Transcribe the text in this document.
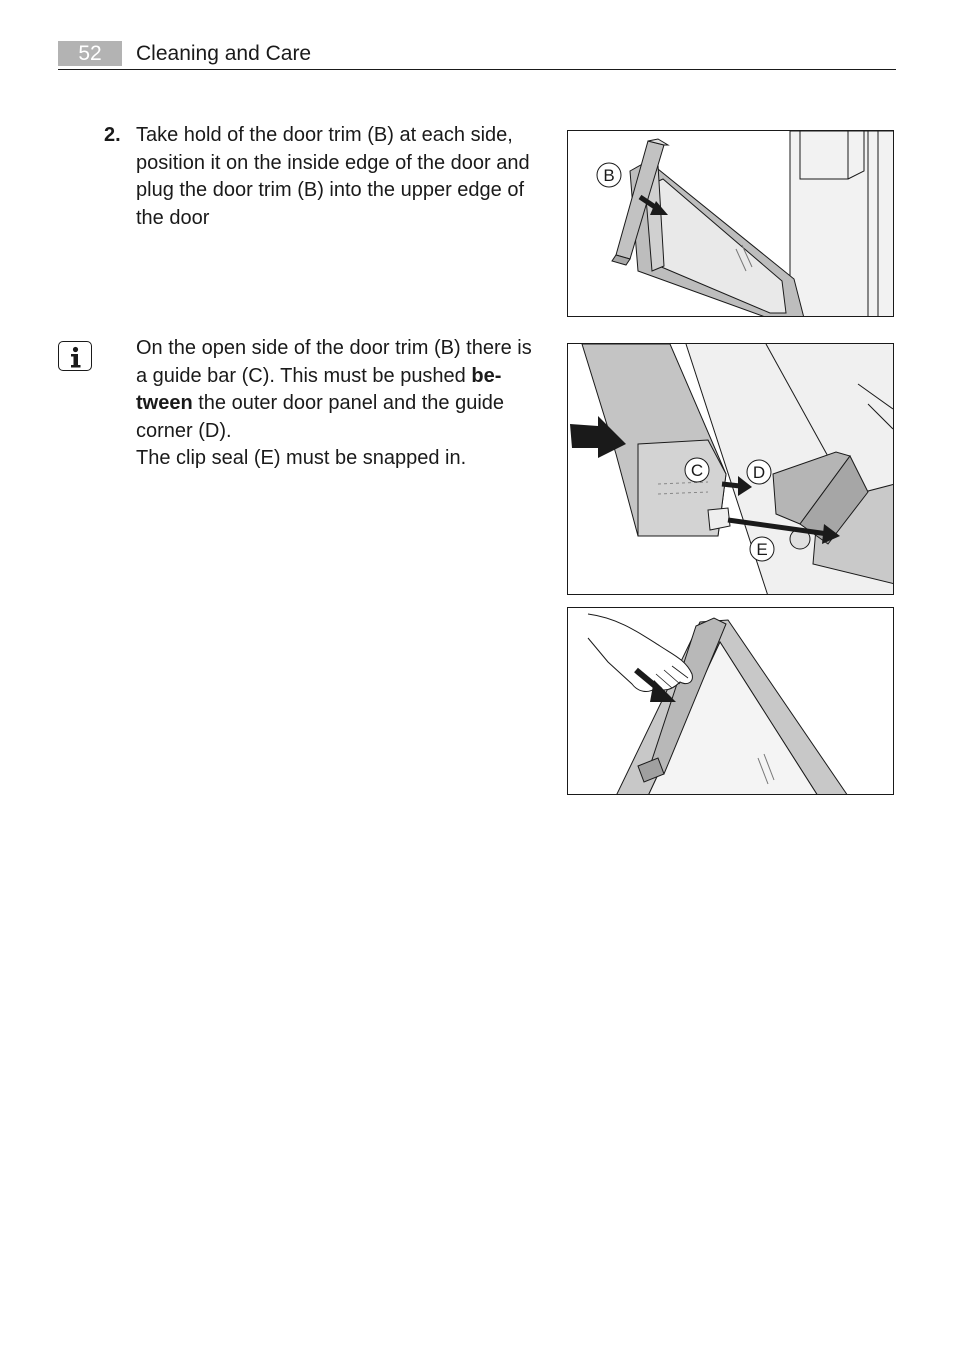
52	Cleaning and Care
2. Take hold of the door trim (B) at each side, position it on the inside edge of the door and plug the door trim (B) into the upper edge of the door

On the open side of the door trim (B) there is a guide bar (C). This must be pushed be-tween the outer door panel and the guide corner (D).

The clip seal (E) must be snapped in.

B
C	D
E
